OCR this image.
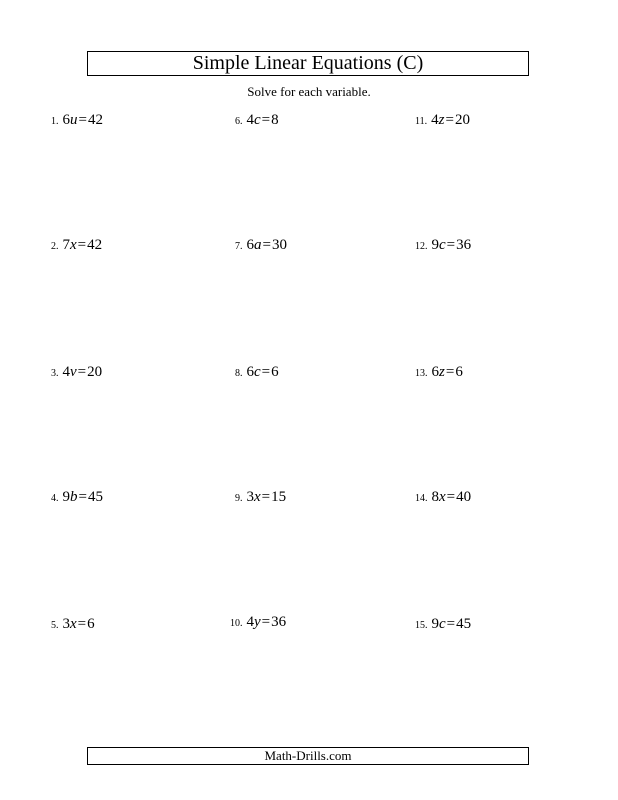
Simple Linear Equations (C)
Solve for each variable.
1. 6u=42
2. 7x=42
3. 4v=20
4. 9b=45
5. 3x=6
6. 4c=8
7. 6a=30
8. 6c=6
9. 3x=15
10. 4y=36
11. 4z=20
12. 9c=36
13. 6z=6
14. 8x=40
15. 9c=45
Math-Drills.com
